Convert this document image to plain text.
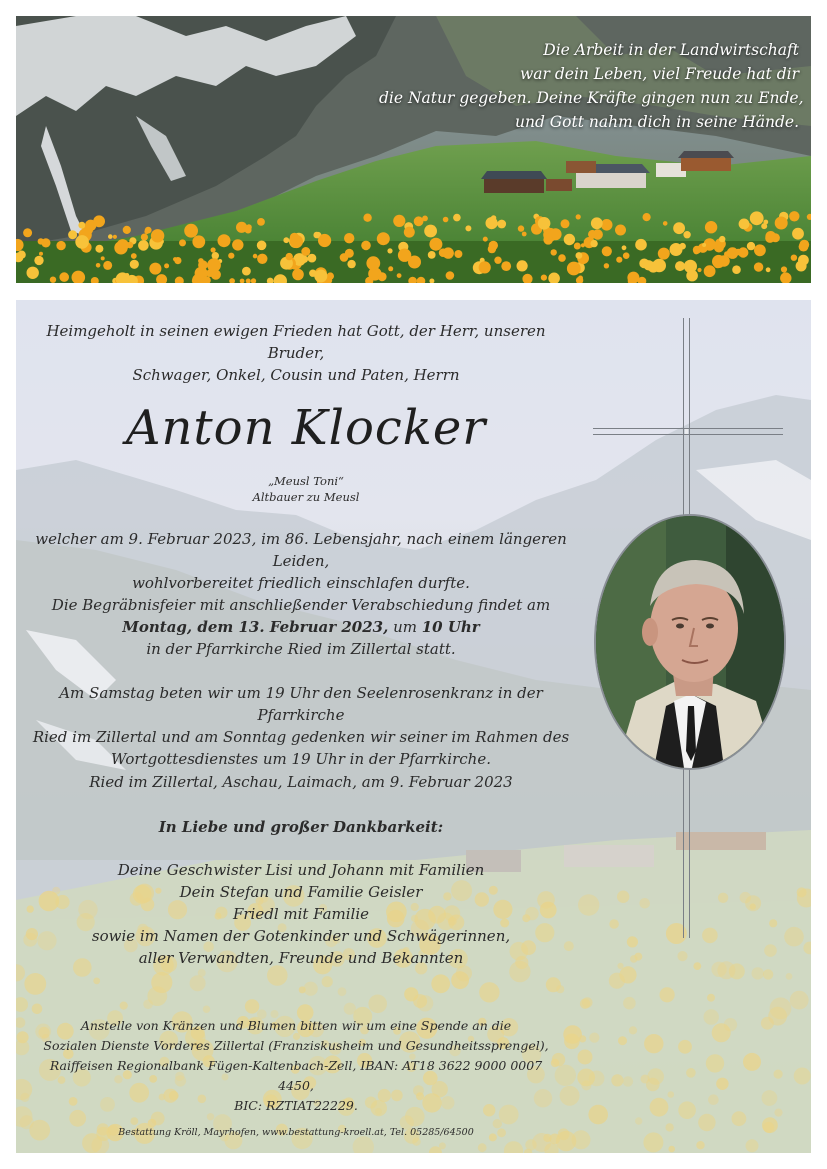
Die Arbeit in der Landwirtschaft
war dein Leben, viel Freude hat dir
die Natur gegeben. Deine Kräfte gingen nun zu Ende,
und Gott nahm dich in seine Hände.
Heimgeholt in seinen ewigen Frieden hat Gott, der Herr, unseren Bruder,
Schwager, Onkel, Cousin und Paten, Herrn
Anton Klocker
„Meusl Toni“
Altbauer zu Meusl
welcher am 9. Februar 2023, im 86. Lebensjahr, nach einem längeren Leiden,
wohlvorbereitet friedlich einschlafen durfte.
Die Begräbnisfeier mit anschließender Verabschiedung findet am
Montag, dem 13. Februar 2023, um 10 Uhr
in der Pfarrkirche Ried im Zillertal statt.
Am Samstag beten wir um 19 Uhr den Seelenrosenkranz in der Pfarrkirche
Ried im Zillertal und am Sonntag gedenken wir seiner im Rahmen des
Wortgottesdienstes um 19 Uhr in der Pfarrkirche.
Ried im Zillertal, Aschau, Laimach, am 9. Februar 2023
In Liebe und großer Dankbarkeit:
Deine Geschwister Lisi und Johann mit Familien
Dein Stefan und Familie Geisler
Friedl mit Familie
sowie im Namen der Gotenkinder und Schwägerinnen,
aller Verwandten, Freunde und Bekannten
Anstelle von Kränzen und Blumen bitten wir um eine Spende an die
Sozialen Dienste Vorderes Zillertal (Franziskusheim und Gesundheitssprengel),
Raiffeisen Regionalbank Fügen-Kaltenbach-Zell, IBAN: AT18 3622 9000 0007 4450,
BIC: RZTIAT22229.
Bestattung Kröll, Mayrhofen, www.bestattung-kroell.at, Tel. 05285/64500
